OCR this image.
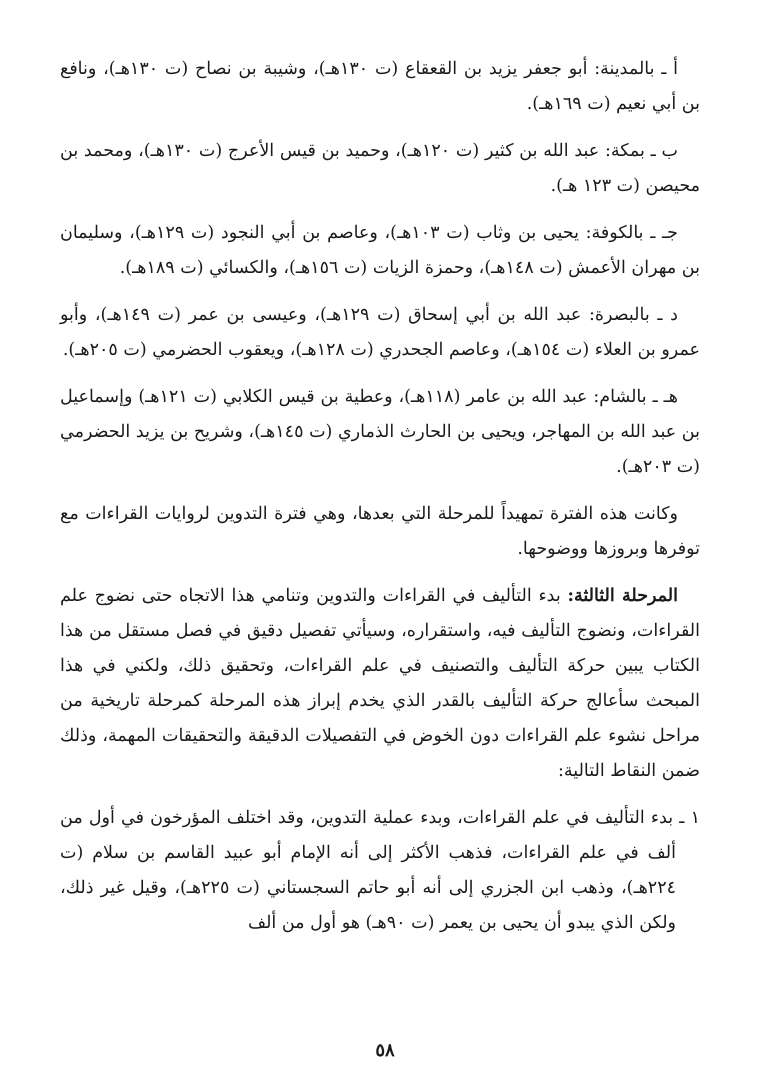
أ ـ بالمدينة: أبو جعفر يزيد بن القعقاع (ت ١٣٠هـ)، وشيبة بن نصاح (ت ١٣٠هـ)، ونافع بن أبي نعيم (ت ١٦٩هـ).

ب ـ بمكة: عبد الله بن كثير (ت ١٢٠هـ)، وحميد بن قيس الأعرج (ت ١٣٠هـ)، ومحمد بن محيصن (ت ١٢٣ هـ).

جـ ـ بالكوفة: يحيى بن وثاب (ت ١٠٣هـ)، وعاصم بن أبي النجود (ت ١٢٩هـ)، وسليمان بن مهران الأعمش (ت ١٤٨هـ)، وحمزة الزيات (ت ١٥٦هـ)، والكسائي (ت ١٨٩هـ).

د ـ بالبصرة: عبد الله بن أبي إسحاق (ت ١٢٩هـ)، وعيسى بن عمر (ت ١٤٩هـ)، وأبو عمرو بن العلاء (ت ١٥٤هـ)، وعاصم الجحدري (ت ١٢٨هـ)، ويعقوب الحضرمي (ت ٢٠٥هـ).

هـ ـ بالشام: عبد الله بن عامر (١١٨هـ)، وعطية بن قيس الكلابي (ت ١٢١هـ) وإسماعيل بن عبد الله بن المهاجر، ويحيى بن الحارث الذماري (ت ١٤٥هـ)، وشريح بن يزيد الحضرمي (ت ٢٠٣هـ).

وكانت هذه الفترة تمهيداً للمرحلة التي بعدها، وهي فترة التدوين لروايات القراءات مع توفرها وبروزها ووضوحها.

المرحلة الثالثة: بدء التأليف في القراءات والتدوين وتنامي هذا الاتجاه حتى نضوج علم القراءات، ونضوج التأليف فيه، واستقراره، وسيأتي تفصيل دقيق في فصل مستقل من هذا الكتاب يبين حركة التأليف والتصنيف في علم القراءات، وتحقيق ذلك، ولكني في هذا المبحث سأعالج حركة التأليف بالقدر الذي يخدم إبراز هذه المرحلة كمرحلة تاريخية من مراحل نشوء علم القراءات دون الخوض في التفصيلات الدقيقة والتحقيقات المهمة، وذلك ضمن النقاط التالية:

١ ـ بدء التأليف في علم القراءات، وبدء عملية التدوين، وقد اختلف المؤرخون في أول من ألف في علم القراءات، فذهب الأكثر إلى أنه الإمام أبو عبيد القاسم بن سلام (ت ٢٢٤هـ)، وذهب ابن الجزري إلى أنه أبو حاتم السجستاني (ت ٢٢٥هـ)، وقيل غير ذلك، ولكن الذي يبدو أن يحيى بن يعمر (ت ٩٠هـ) هو أول من ألف

٥٨
